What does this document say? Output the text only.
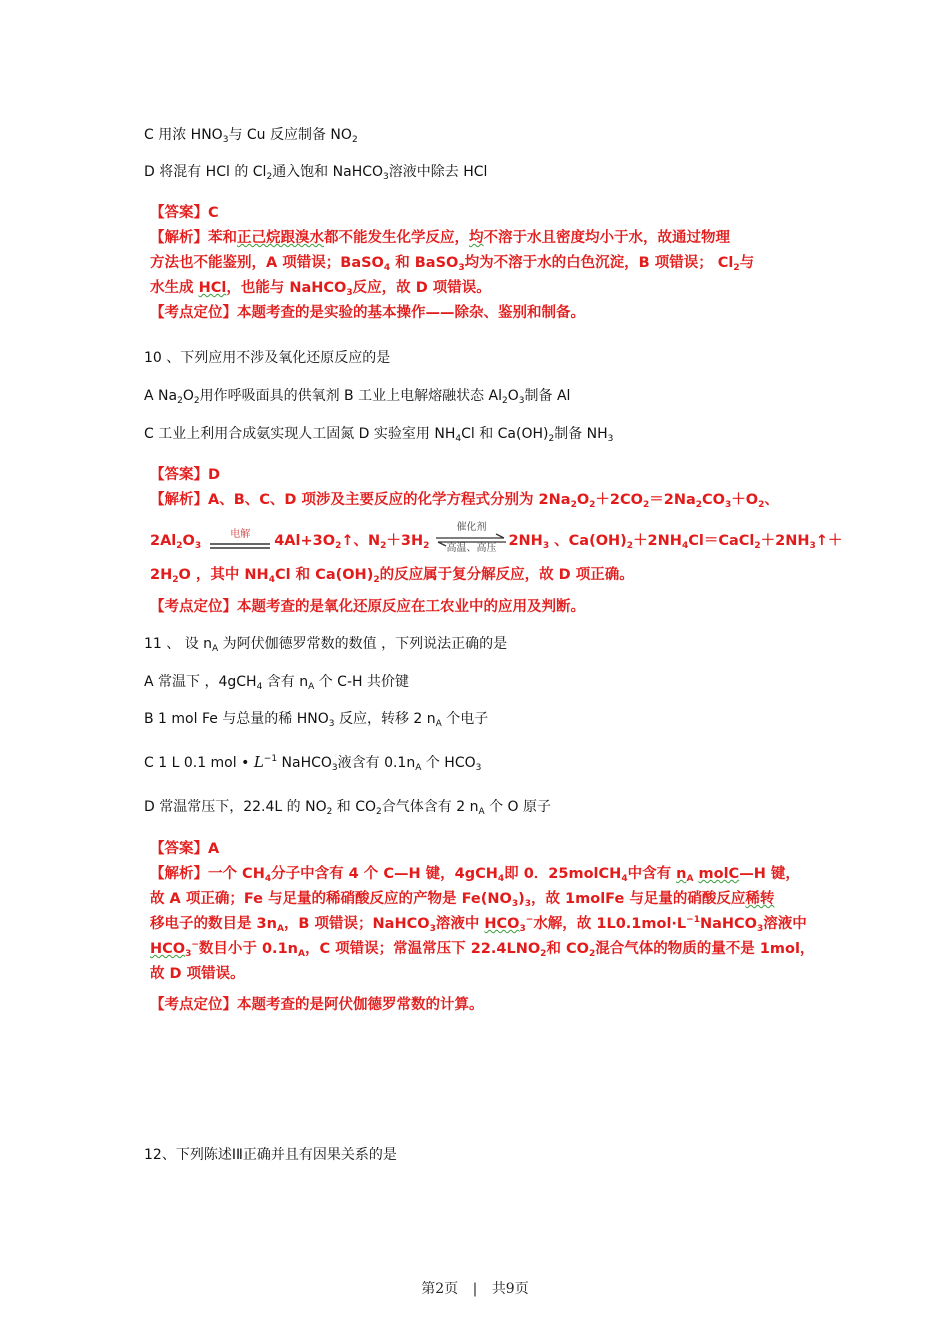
C 用浓 $HNO_3$与 Cu 反应制备 $NO_2$
D 将混有 HCl 的 $Cl_2$通入饱和 NaHCO$_3$溶液中除去 HCl
【答案】C
【解析】苯和正己烷跟溴水都不能发生化学反应，均不溶于水且密度均小于水，故通过物理
方法也不能鉴别，A 项错误；BaSO$_4$ 和 BaSO$_3$均为不溶于水的白色沉淀，B 项错误； $Cl_2$与
水生成 HCl，也能与 NaHCO$_3$反应，故 D 项错误。
【考点定位】本题考查的是实验的基本操作——除杂、鉴别和制备。
10 、下列应用不涉及氧化还原反应的是
A $Na_2O_2$用作呼吸面具的供氧剂 B 工业上电解熔融状态 $Al_2O_3$制备 Al
C 工业上利用合成氨实现人工固氮 D 实验室用 $NH_4Cl$ 和 $Ca(OH)_2$制备 $NH_3$
【答案】D
【解析】A、B、C、D 项涉及主要反应的化学方程式分别为 $2Na_2O_2+2CO_2=2Na_2CO_3+O_2$、
$2Al_2O_3$
电解	$4Al+3O_2↑$、$N_2+3H_2$
催化剂
高温、高压 $2NH_3$ 、$Ca(OH)_2+2NH_4Cl=CaCl_2+2NH_3↑+$
$2H_2O$ ，其中 $NH_4Cl$ 和 $Ca(OH)_2$的反应属于复分解反应，故 D 项正确。
【考点定位】本题考查的是氧化还原反应在工农业中的应用及判断。
11 、 设 $n_A$ 为阿伏伽德罗常数的数值 ，下列说法正确的是
A 常温下 ，4gCH$_4$ 含有 $n_A$ 个 C-H 共价键
B 1 mol Fe 与总量的稀 $HNO_3$ 反应，转移 2 $n_A$ 个电子
C 1 L 0.1 mol • $L^{-1}$ NaHCO$_3$液含有 $0.1n_A$ 个 $HCO_3$
D 常温常压下，22.4L 的 $NO_2$ 和 $CO_2$合气体含有 2 $n_A$ 个 O 原子
【答案】A
【解析】一个 $CH_4$分子中含有 4 个 C—H 键，4gCH$_4$即 0．25molCH$_4$中含有 $n_A$ molC—H 键，
故 A 项正确；Fe 与足量的稀硝酸反应的产物是 $Fe(NO_3)_3$，故 1molFe 与足量的硝酸反应稀转
移电子的数目是 $3n_A$，B 项错误；NaHCO$_3$溶液中 $HCO_3^-$水解，故 $1L0.1mol\cdot L^{-1}NaHCO_3$溶液中
$HCO_3^-$数目小于 $0.1n_A$，C 项错误；常温常压下 $22.4LNO_2$和 $CO_2$混合气体的物质的量不是 1mol，
故 D 项错误。
【考点定位】本题考查的是阿伏伽德罗常数的计算。
12、下列陈述ⅠⅡ正确并且有因果关系的是
第2页 | 共9页
